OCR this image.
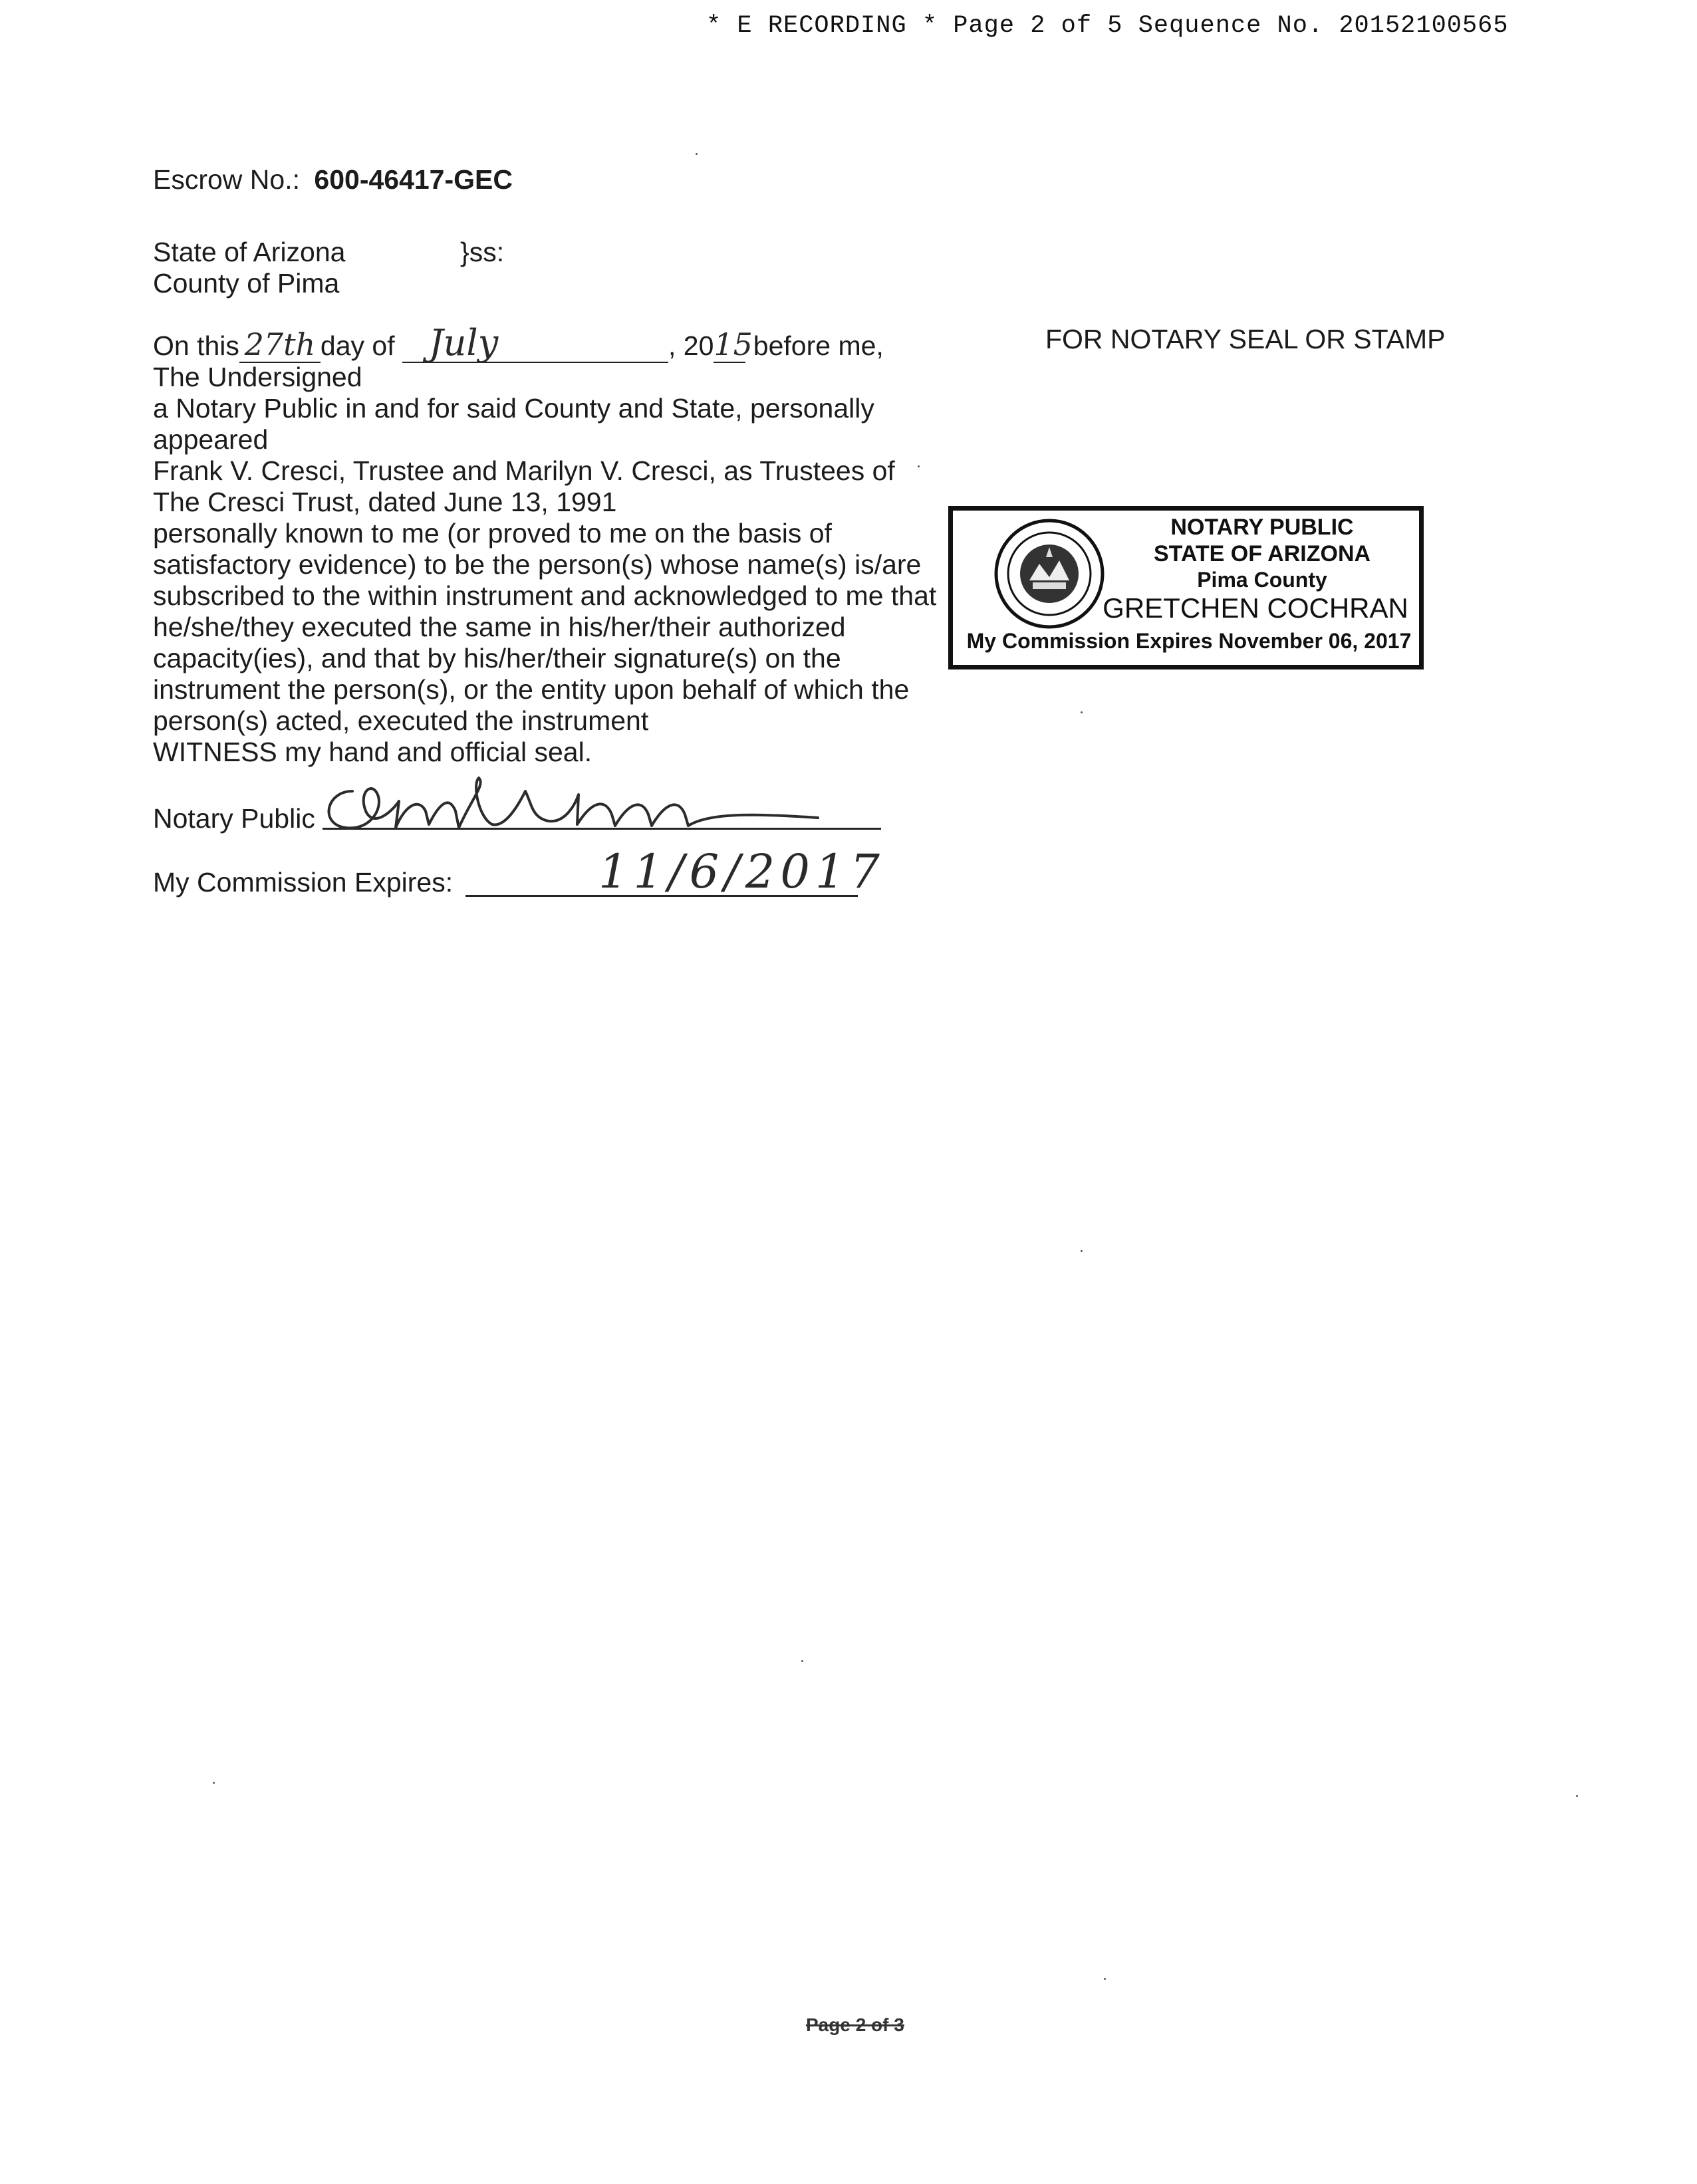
* E RECORDING * Page 2 of 5 Sequence No. 20152100565
Escrow No.: 600-46417-GEC
State of Arizona	}ss:
County of Pima
On this 27th day of July	, 2015 before me,
The Undersigned
a Notary Public in and for said County and State, personally
appeared
Frank V. Cresci, Trustee and Marilyn V. Cresci, as Trustees of
The Cresci Trust, dated June 13, 1991
personally known to me (or proved to me on the basis of
satisfactory evidence) to be the person(s) whose name(s) is/are
subscribed to the within instrument and acknowledged to me that
he/she/they executed the same in his/her/their authorized
capacity(ies), and that by his/her/their signature(s) on the
instrument the person(s), or the entity upon behalf of which the
person(s) acted, executed the instrument
WITNESS my hand and official seal.
Notary Public
My Commission Expires:	11/6/2017
FOR NOTARY SEAL OR STAMP
NOTARY PUBLIC
STATE OF ARIZONA
Pima County
GRETCHEN COCHRAN
My Commission Expires November 06, 2017
Page 2 of 3
